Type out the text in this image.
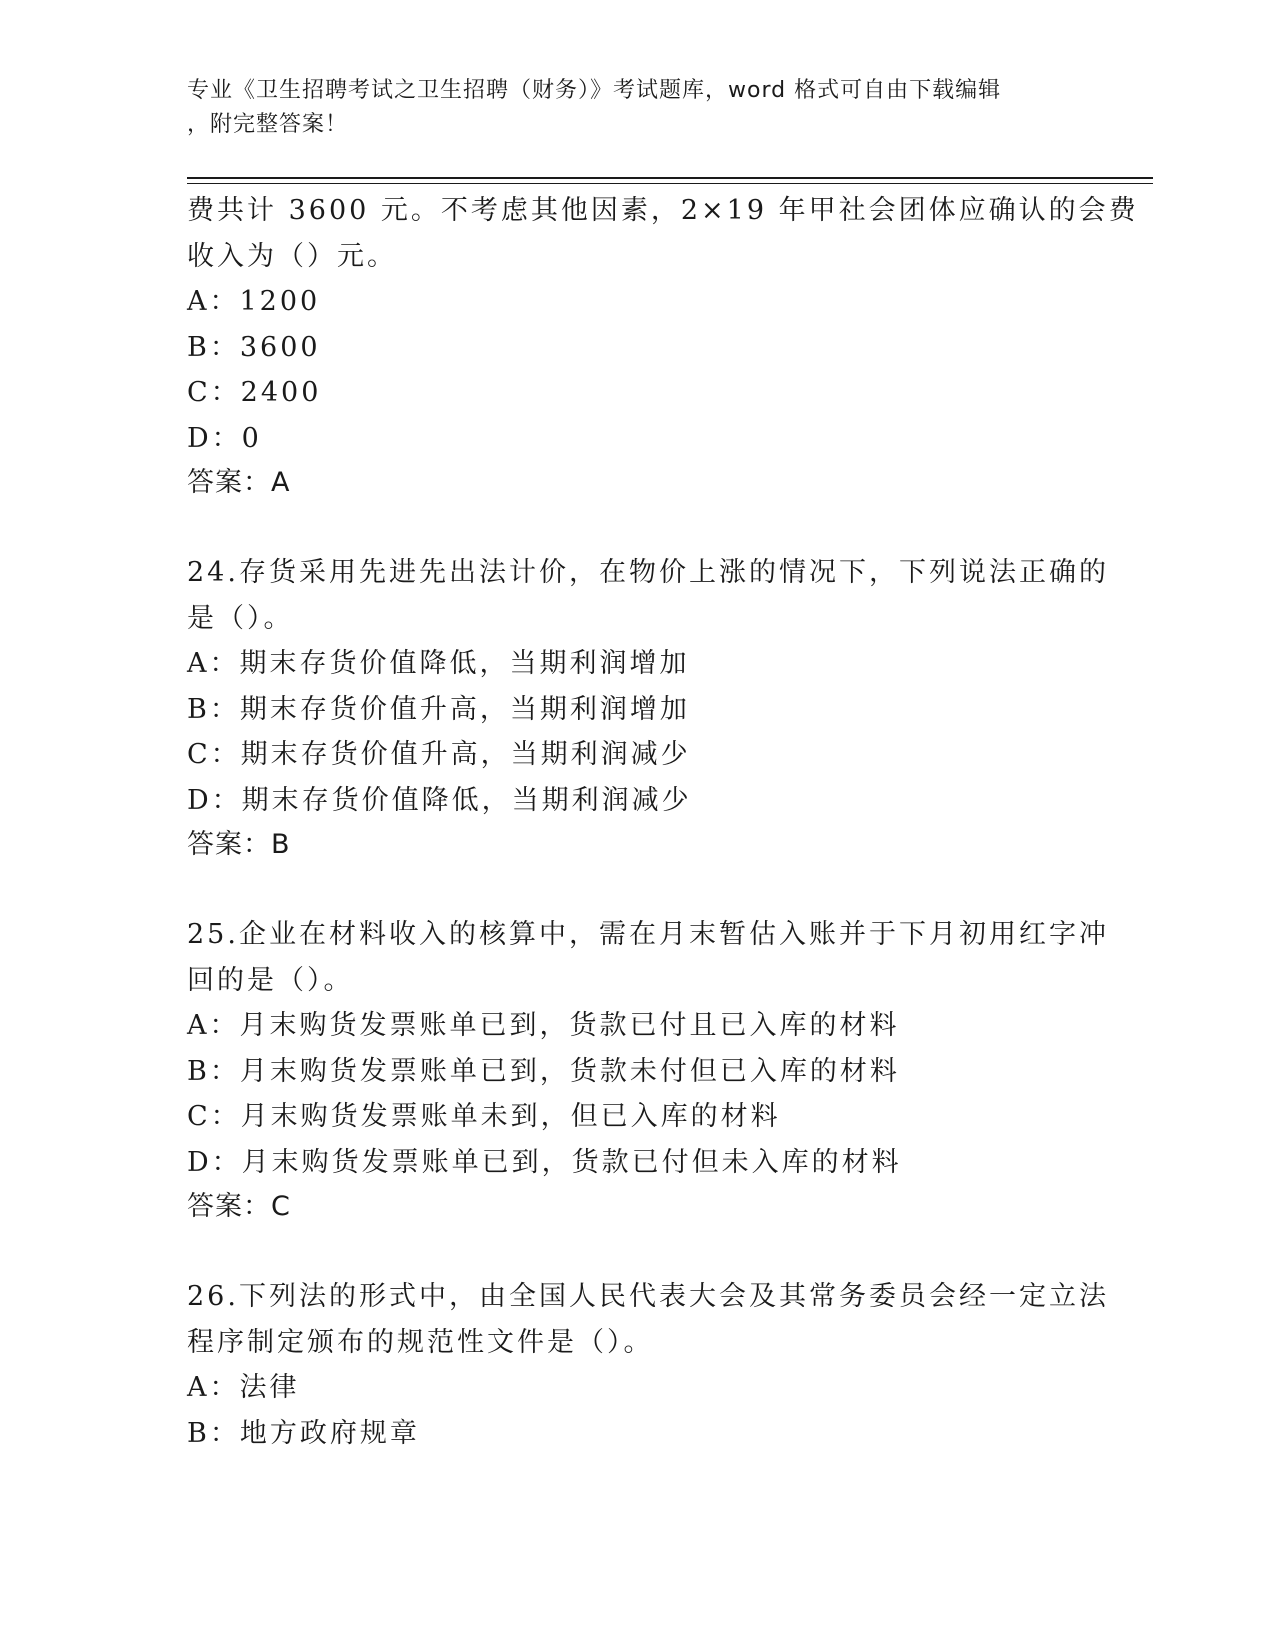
专业《卫生招聘考试之卫生招聘（财务）》考试题库，word 格式可自由下载编辑
，附完整答案！
费共计 3600 元。不考虑其他因素，2×19 年甲社会团体应确认的会费
收入为（）元。
A：1200
B：3600
C：2400
D：0
答案：A
24.存货采用先进先出法计价，在物价上涨的情况下，下列说法正确的
是（）。
A：期末存货价值降低，当期利润增加
B：期末存货价值升高，当期利润增加
C：期末存货价值升高，当期利润减少
D：期末存货价值降低，当期利润减少
答案：B
25.企业在材料收入的核算中，需在月末暂估入账并于下月初用红字冲
回的是（）。
A：月末购货发票账单已到，货款已付且已入库的材料
B：月末购货发票账单已到，货款未付但已入库的材料
C：月末购货发票账单未到，但已入库的材料
D：月末购货发票账单已到，货款已付但未入库的材料
答案：C
26.下列法的形式中，由全国人民代表大会及其常务委员会经一定立法
程序制定颁布的规范性文件是（）。
A：法律
B：地方政府规章
